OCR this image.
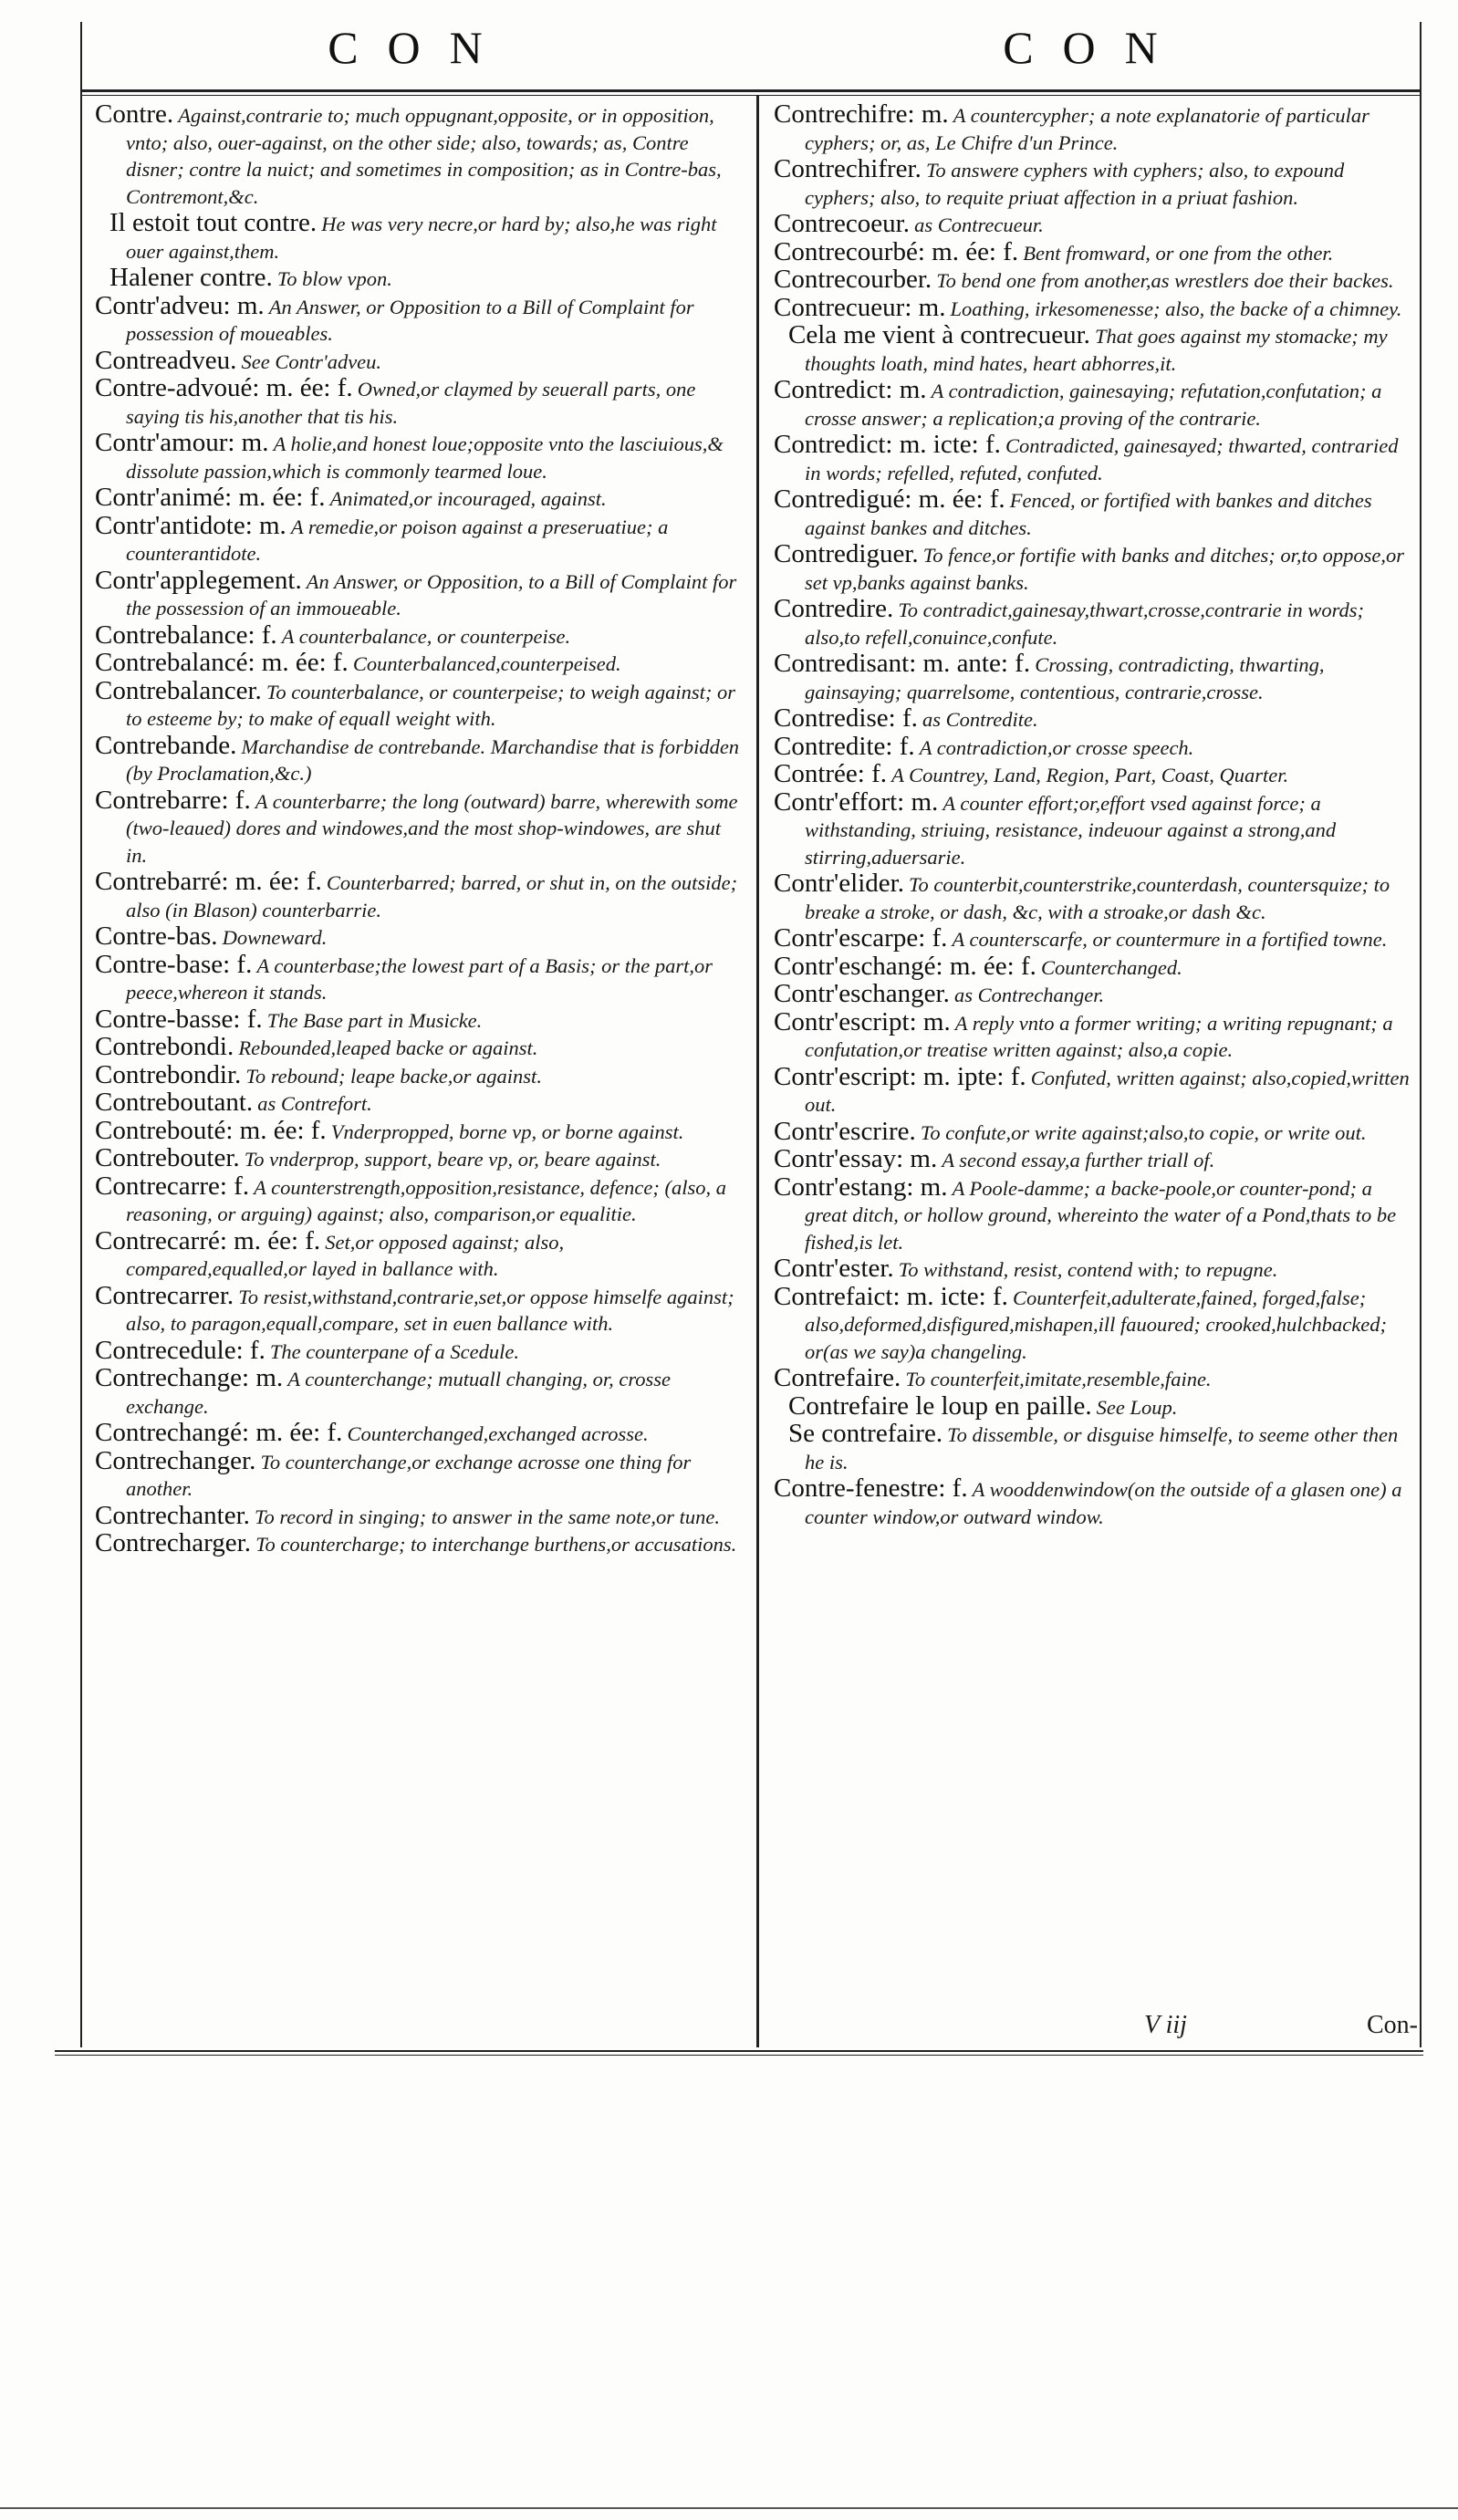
CON	CON

Contre. Against,contrarie to; much oppugnant,opposite, or in opposition, vnto; also, ouer-against, on the other side; also, towards; as, Contre disner; contre la nuict; and sometimes in composition; as in Contre-bas, Contremont,&c.

Il estoit tout contre. He was very necre,or hard by; also,he was right ouer against,them.

Halener contre. To blow vpon.

Contr'adveu: m. An Answer, or Opposition to a Bill of Complaint for possession of moueables.

Contreadveu. See Contr'adveu.

Contre-advoué: m. ée: f. Owned,or claymed by seuerall parts, one saying tis his,another that tis his.

Contr'amour: m. A holie,and honest loue;opposite vnto the lasciuious,& dissolute passion,which is commonly tearmed loue.

Contr'animé: m. ée: f. Animated,or incouraged, against.

Contr'antidote: m. A remedie,or poison against a preseruatiue; a counterantidote.

Contr'applegement. An Answer, or Opposition, to a Bill of Complaint for the possession of an immoueable.

Contrebalance: f. A counterbalance, or counterpeise.

Contrebalancé: m. ée: f. Counterbalanced,counterpeised.

Contrebalancer. To counterbalance, or counterpeise; to weigh against; or to esteeme by; to make of equall weight with.

Contrebande. Marchandise de contrebande. Marchandise that is forbidden (by Proclamation,&c.)

Contrebarre: f. A counterbarre; the long (outward) barre, wherewith some (two-leaued) dores and windowes,and the most shop-windowes, are shut in.

Contrebarré: m. ée: f. Counterbarred; barred, or shut in, on the outside; also (in Blason) counterbarrie.

Contre-bas. Downeward.

Contre-base: f. A counterbase;the lowest part of a Basis; or the part,or peece,whereon it stands.

Contre-basse: f. The Base part in Musicke.

Contrebondi. Rebounded,leaped backe or against.

Contrebondir. To rebound; leape backe,or against.

Contreboutant. as Contrefort.

Contrebouté: m. ée: f. Vnderpropped, borne vp, or borne against.

Contrebouter. To vnderprop, support, beare vp, or, beare against.

Contrecarre: f. A counterstrength,opposition,resistance, defence; (also, a reasoning, or arguing) against; also, comparison,or equalitie.

Contrecarré: m. ée: f. Set,or opposed against; also, compared,equalled,or layed in ballance with.

Contrecarrer. To resist,withstand,contrarie,set,or oppose himselfe against; also, to paragon,equall,compare, set in euen ballance with.

Contrecedule: f. The counterpane of a Scedule.

Contrechange: m. A counterchange; mutuall changing, or, crosse exchange.

Contrechangé: m. ée: f. Counterchanged,exchanged acrosse.

Contrechanger. To counterchange,or exchange acrosse one thing for another.

Contrechanter. To record in singing; to answer in the same note,or tune.

Contrecharger. To countercharge; to interchange burthens,or accusations.

Contrechifre: m. A countercypher; a note explanatorie of particular cyphers; or, as, Le Chifre d'un Prince.

Contrechifrer. To answere cyphers with cyphers; also, to expound cyphers; also, to requite priuat affection in a priuat fashion.

Contrecoeur. as Contrecueur.

Contrecourbé: m. ée: f. Bent fromward, or one from the other.

Contrecourber. To bend one from another,as wrestlers doe their backes.

Contrecueur: m. Loathing, irkesomenesse; also, the backe of a chimney.

Cela me vient à contrecueur. That goes against my stomacke; my thoughts loath, mind hates, heart abhorres,it.

Contredict: m. A contradiction, gainesaying; refutation,confutation; a crosse answer; a replication;a proving of the contrarie.

Contredict: m. icte: f. Contradicted, gainesayed; thwarted, contraried in words; refelled, refuted, confuted.

Contredigué: m. ée: f. Fenced, or fortified with bankes and ditches against bankes and ditches.

Contrediguer. To fence,or fortifie with banks and ditches; or,to oppose,or set vp,banks against banks.

Contredire. To contradict,gainesay,thwart,crosse,contrarie in words; also,to refell,conuince,confute.

Contredisant: m. ante: f. Crossing, contradicting, thwarting, gainsaying; quarrelsome, contentious, contrarie,crosse.

Contredise: f. as Contredite.

Contredite: f. A contradiction,or crosse speech.

Contrée: f. A Countrey, Land, Region, Part, Coast, Quarter.

Contr'effort: m. A counter effort;or,effort vsed against force; a withstanding, striuing, resistance, indeuour against a strong,and stirring,aduersarie.

Contr'elider. To counterbit,counterstrike,counterdash, countersquize; to breake a stroke, or dash, &c, with a stroake,or dash &c.

Contr'escarpe: f. A counterscarfe, or countermure in a fortified towne.

Contr'eschangé: m. ée: f. Counterchanged.

Contr'eschanger. as Contrechanger.

Contr'escript: m. A reply vnto a former writing; a writing repugnant; a confutation,or treatise written against; also,a copie.

Contr'escript: m. ipte: f. Confuted, written against; also,copied,written out.

Contr'escrire. To confute,or write against;also,to copie, or write out.

Contr'essay: m. A second essay,a further triall of.

Contr'estang: m. A Poole-damme; a backe-poole,or counter-pond; a great ditch, or hollow ground, whereinto the water of a Pond,thats to be fished,is let.

Contr'ester. To withstand, resist, contend with; to repugne.

Contrefaict: m. icte: f. Counterfeit,adulterate,fained, forged,false; also,deformed,disfigured,mishapen,ill fauoured; crooked,hulchbacked; or(as we say)a changeling.

Contrefaire. To counterfeit,imitate,resemble,faine.

Contrefaire le loup en paille. See Loup.

Se contrefaire. To dissemble, or disguise himselfe, to seeme other then he is.

Contre-fenestre: f. A wooddenwindow(on the outside of a glasen one) a counter window,or outward window.

V iij	Con-
